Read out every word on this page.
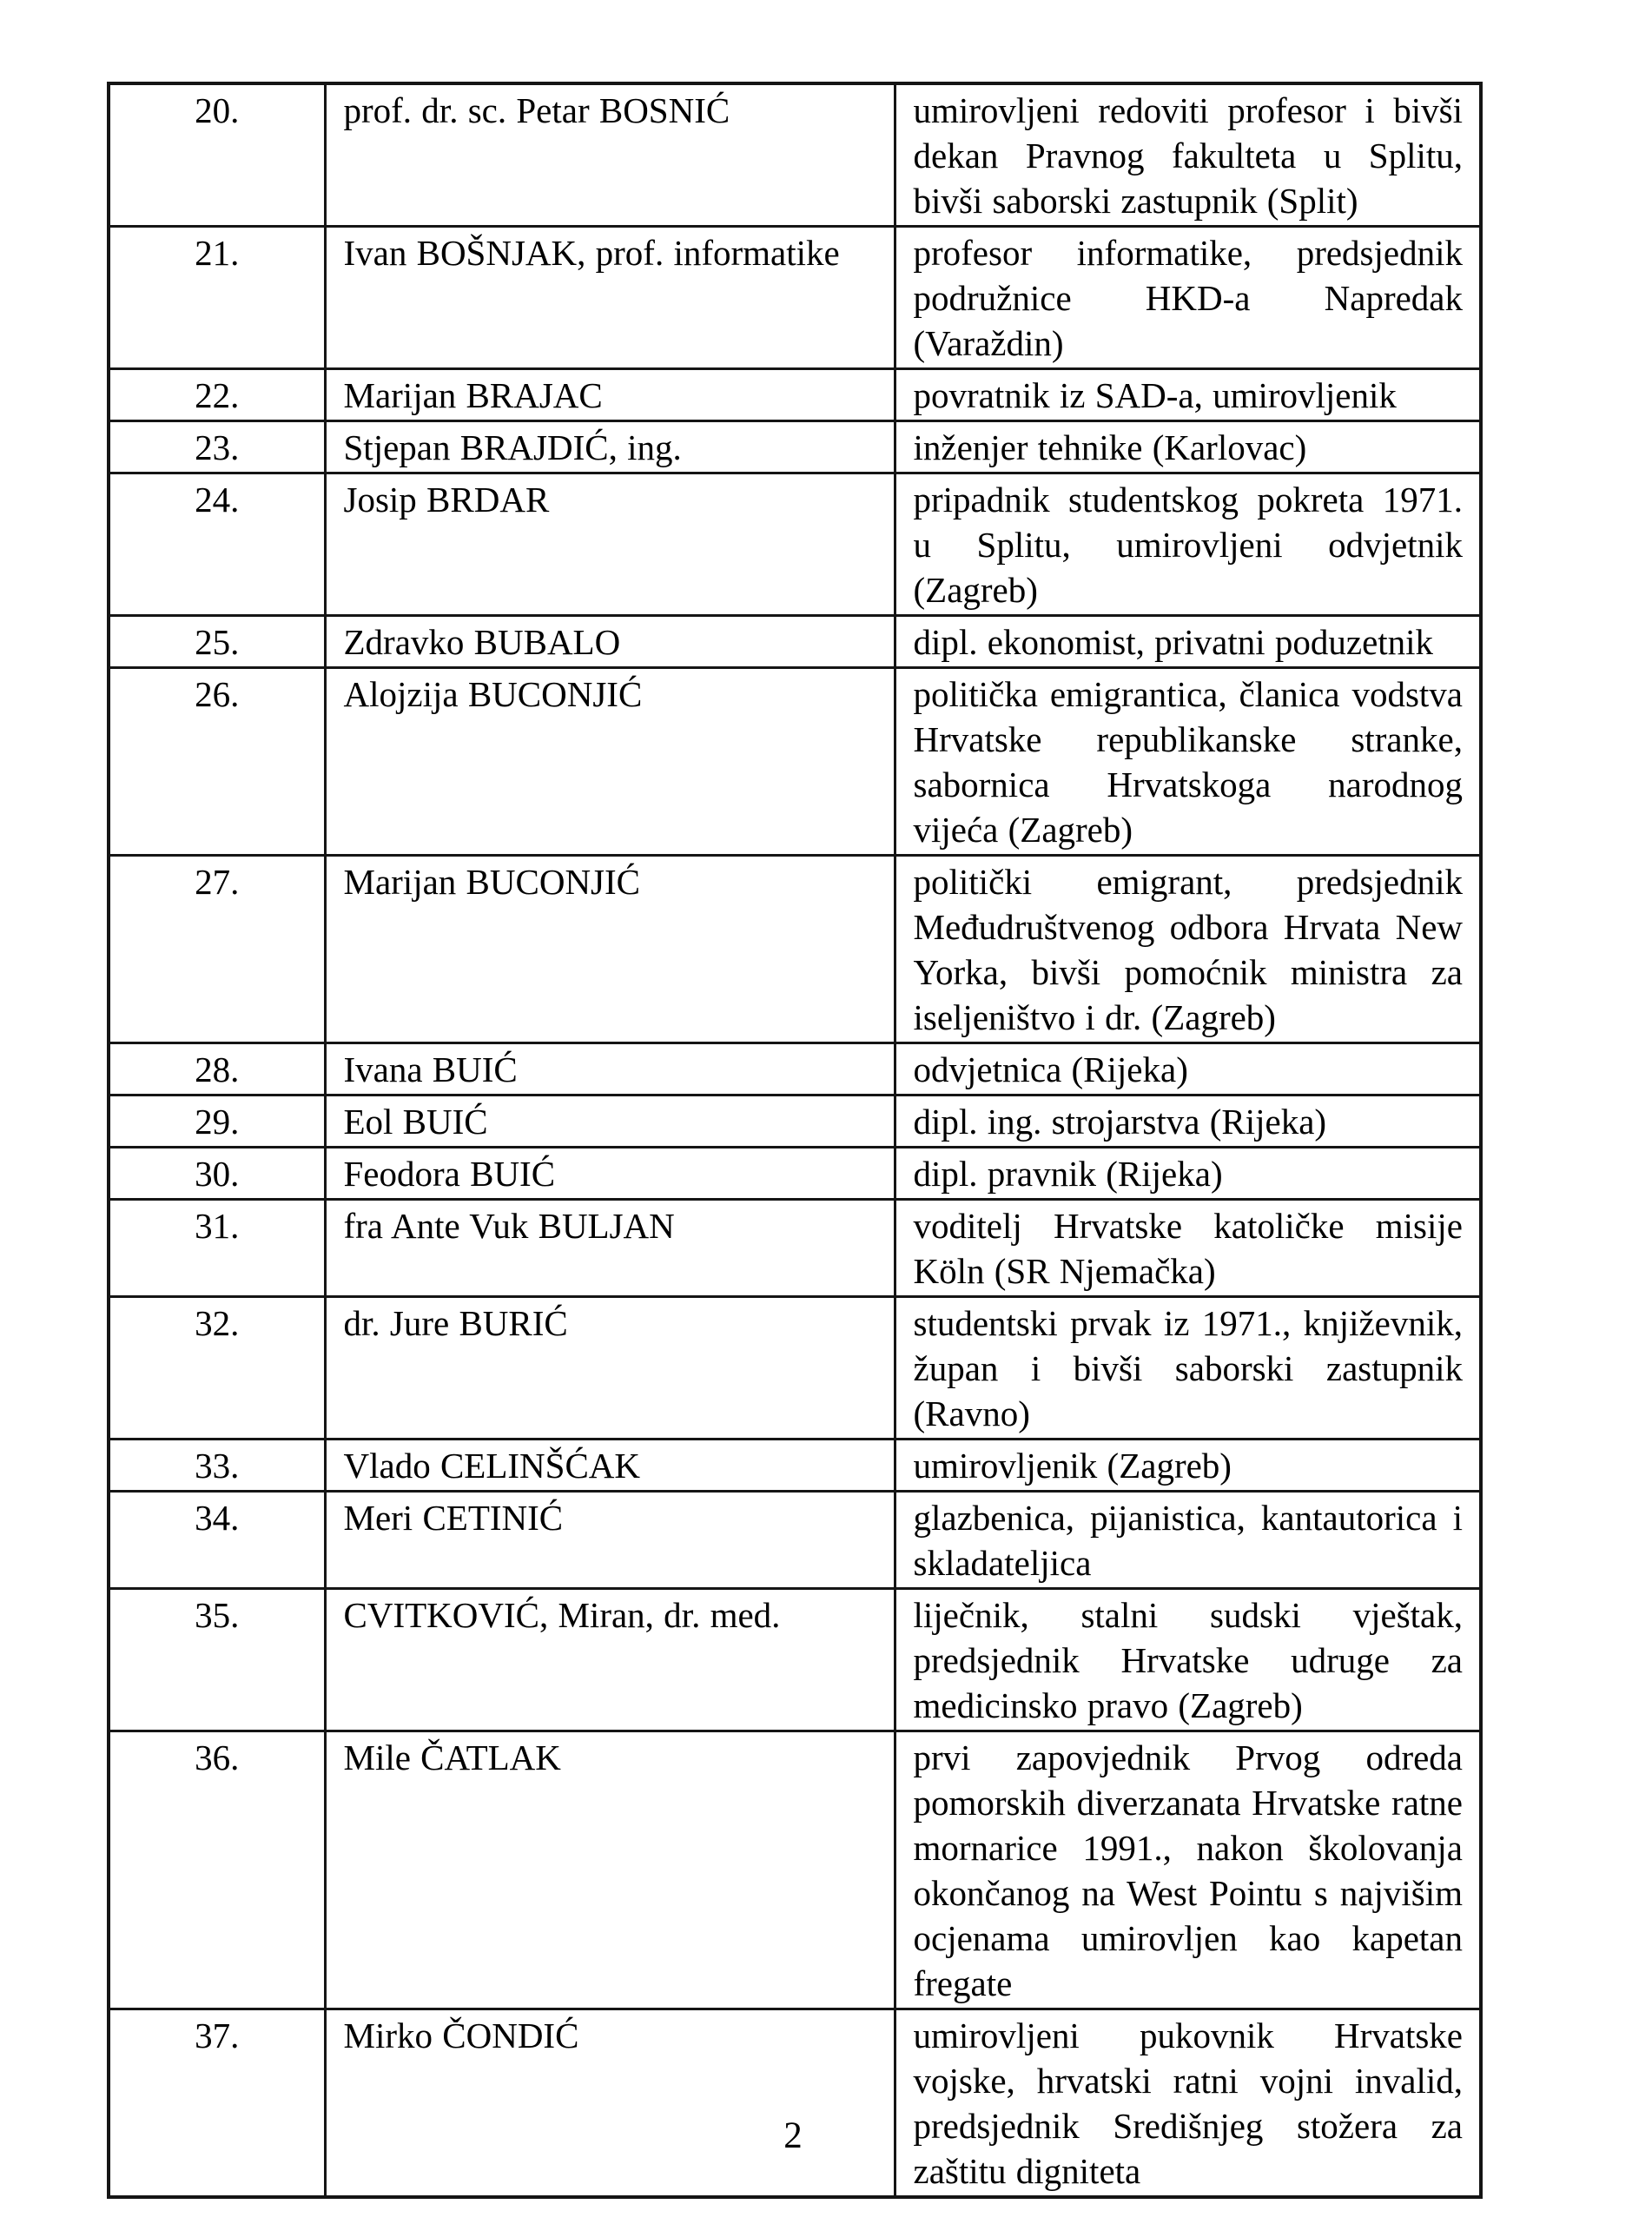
20.	prof. dr. sc. Petar BOSNIĆ	umirovljeni redoviti profesor i bivši dekan Pravnog fakulteta u Splitu, bivši saborski zastupnik (Split)
21.	Ivan BOŠNJAK, prof. informatike	profesor informatike, predsjednik podružnice HKD-a Napredak (Varaždin)
22.	Marijan BRAJAC	povratnik iz SAD-a, umirovljenik
23.	Stjepan BRAJDIĆ, ing.	inženjer tehnike (Karlovac)
24.	Josip BRDAR	pripadnik studentskog pokreta 1971. u Splitu, umirovljeni odvjetnik (Zagreb)
25.	Zdravko BUBALO	dipl. ekonomist, privatni poduzetnik
26.	Alojzija BUCONJIĆ	politička emigrantica, članica vodstva Hrvatske republikanske stranke, sabornica Hrvatskoga narodnog vijeća (Zagreb)
27.	Marijan BUCONJIĆ	politički emigrant, predsjednik Međudruštvenog odbora Hrvata New Yorka, bivši pomoćnik ministra za iseljeništvo i dr. (Zagreb)
28.	Ivana BUIĆ	odvjetnica (Rijeka)
29.	Eol BUIĆ	dipl. ing. strojarstva (Rijeka)
30.	Feodora BUIĆ	dipl. pravnik (Rijeka)
31.	fra Ante Vuk BULJAN	voditelj Hrvatske katoličke misije Köln (SR Njemačka)
32.	dr. Jure BURIĆ	studentski prvak iz 1971., književnik, župan i bivši saborski zastupnik (Ravno)
33.	Vlado CELINŠĆAK	umirovljenik (Zagreb)
34.	Meri CETINIĆ	glazbenica, pijanistica, kantautorica i skladateljica
35.	CVITKOVIĆ, Miran, dr. med.	liječnik, stalni sudski vještak, predsjednik Hrvatske udruge za medicinsko pravo (Zagreb)
36.	Mile ČATLAK	prvi zapovjednik Prvog odreda pomorskih diverzanata Hrvatske ratne mornarice 1991., nakon školovanja okončanog na West Pointu s najvišim ocjenama umirovljen kao kapetan fregate
37.	Mirko ČONDIĆ	umirovljeni pukovnik Hrvatske vojske, hrvatski ratni vojni invalid, predsjednik Središnjeg stožera za zaštitu digniteta
2
